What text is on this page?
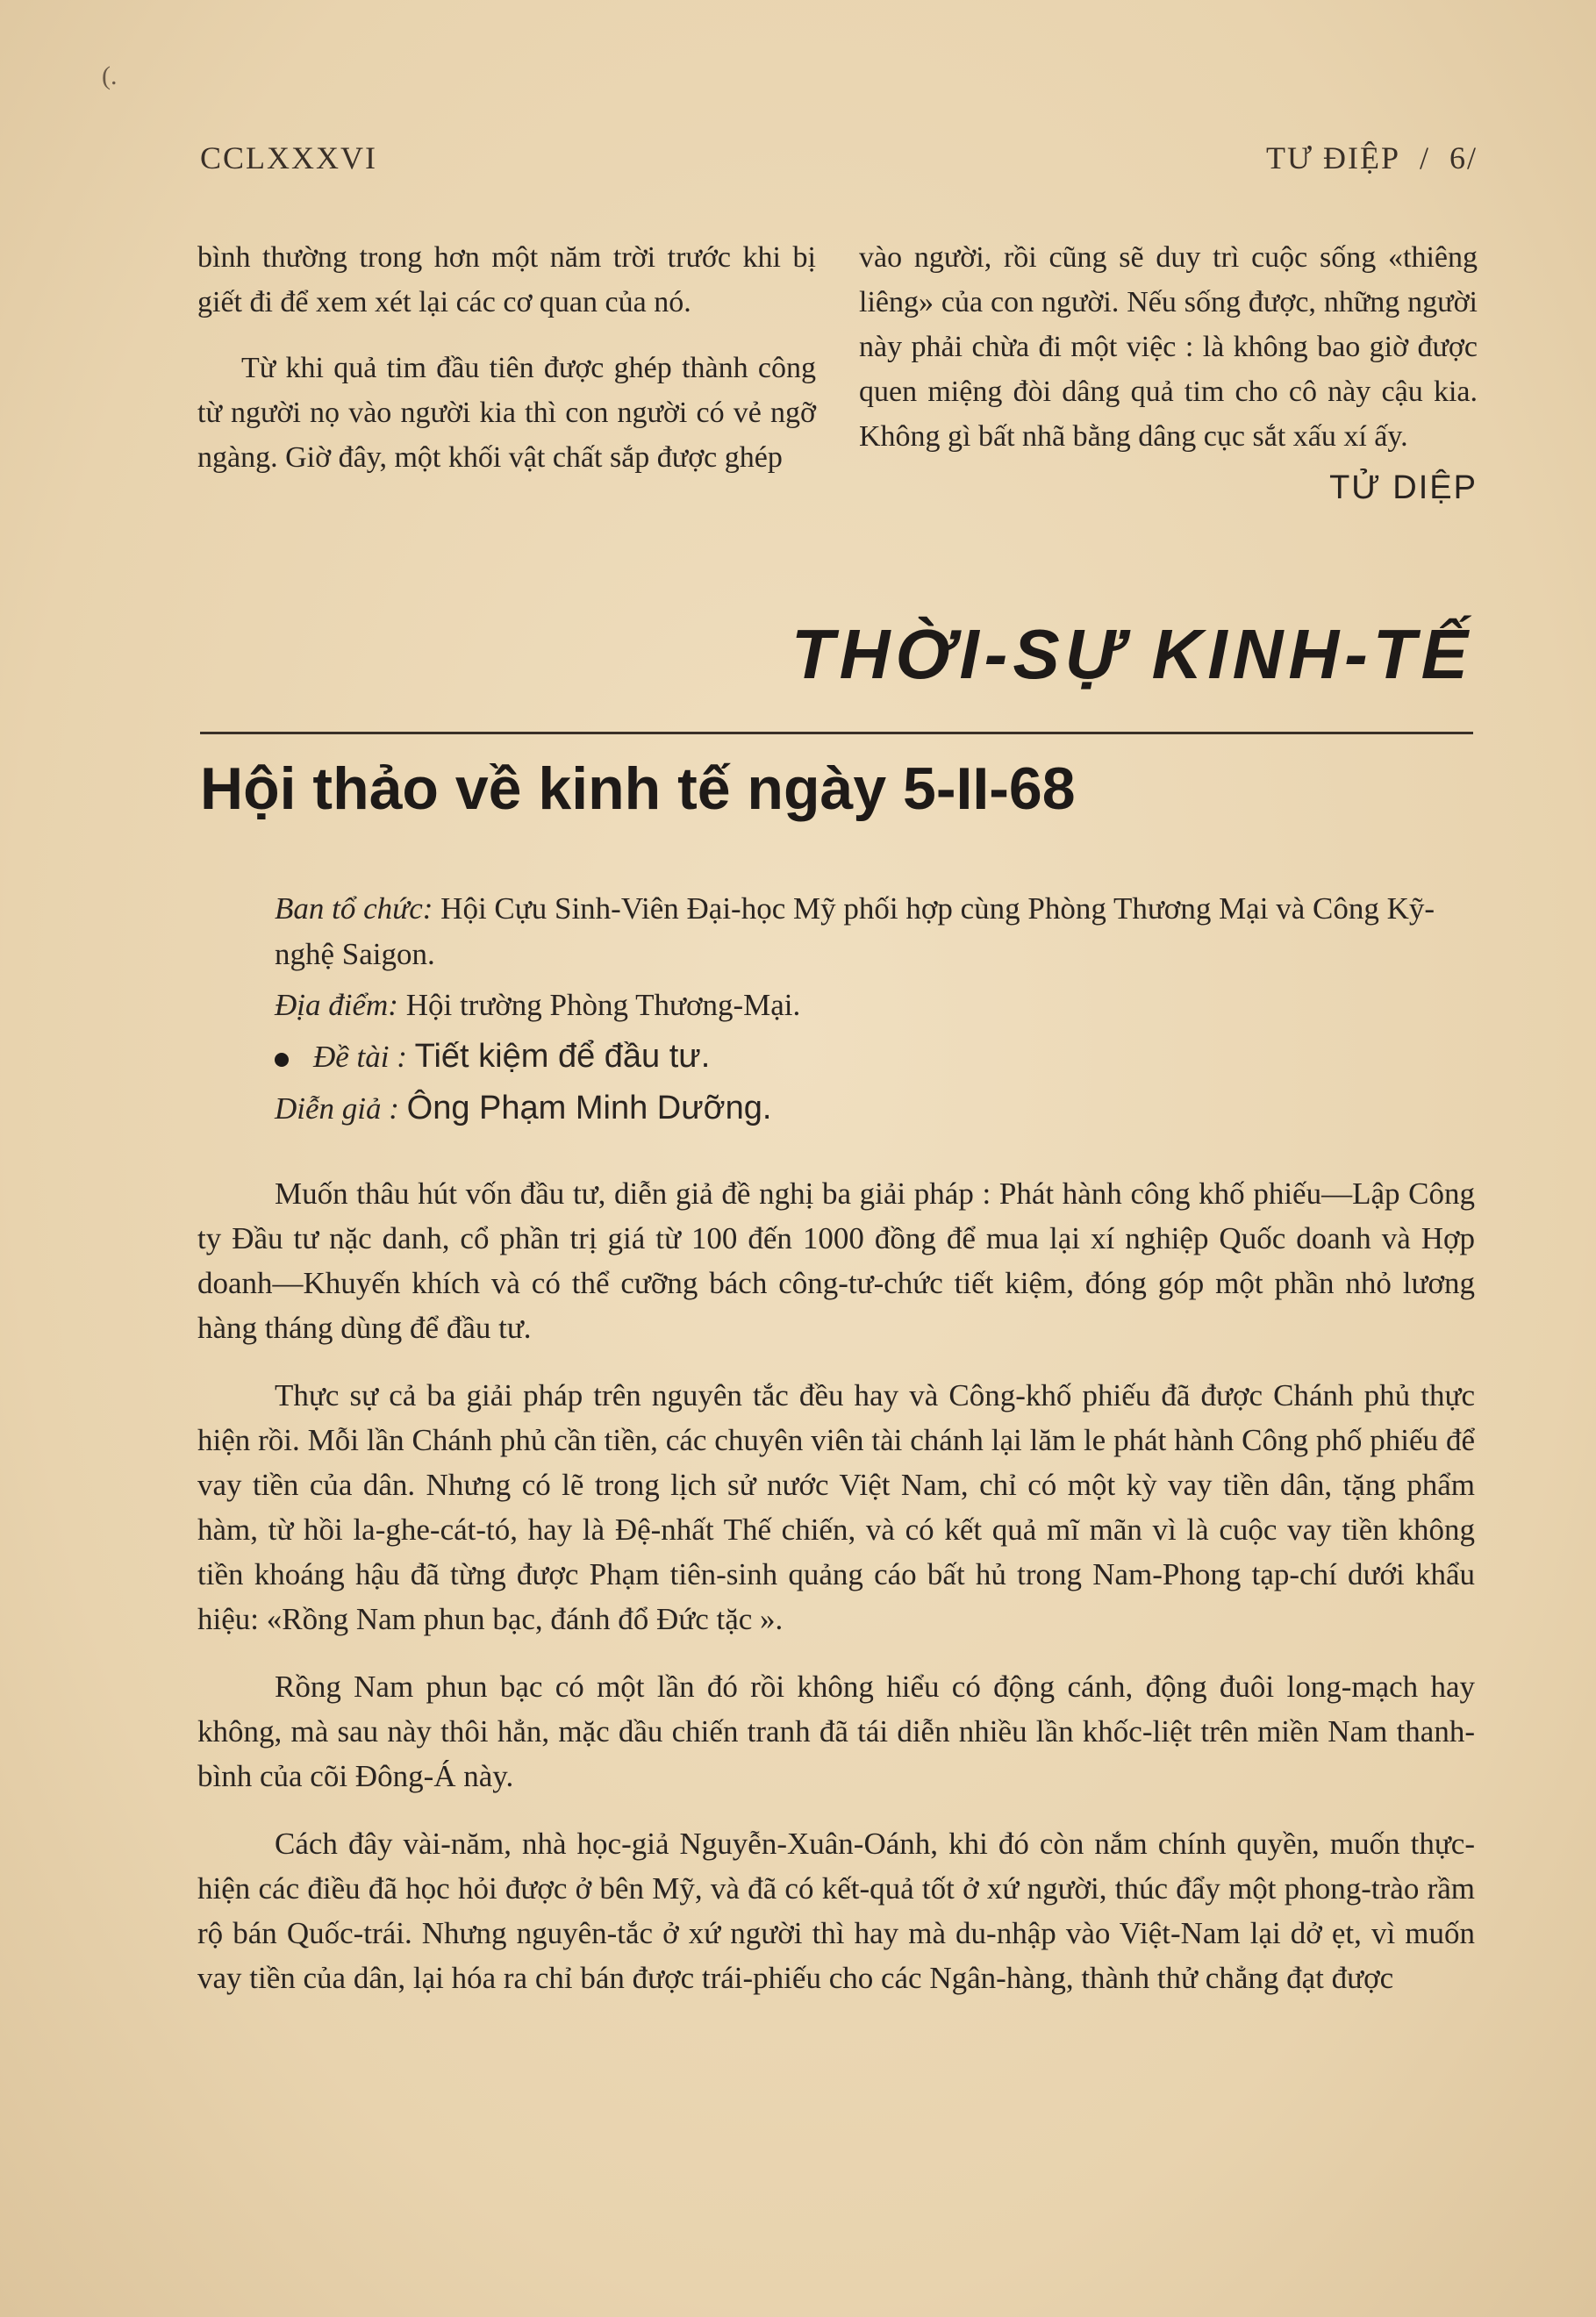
(.
CCLXXXVI	TƯ ĐIỆP / 6/

bình thường trong hơn một năm trời trước khi bị giết đi để xem xét lại các cơ quan của nó.

Từ khi quả tim đầu tiên được ghép thành công từ người nọ vào người kia thì con người có vẻ ngỡ ngàng. Giờ đây, một khối vật chất sắp được ghép

vào người, rồi cũng sẽ duy trì cuộc sống «thiêng liêng» của con người. Nếu sống được, những người này phải chừa đi một việc : là không bao giờ được quen miệng đòi dâng quả tim cho cô này cậu kia. Không gì bất nhã bằng dâng cục sắt xấu xí ấy.

TỬ DIỆP
THỜI-SỰ KINH-TẾ
Hội thảo về kinh tế ngày 5-II-68

Ban tổ chức: Hội Cựu Sinh-Viên Đại-học Mỹ phối hợp cùng Phòng Thương Mại và Công Kỹ-nghệ Saigon.

Địa điểm: Hội trường Phòng Thương-Mại.

Đề tài : Tiết kiệm để đầu tư.

Diễn giả : Ông Phạm Minh Dưỡng.

Muốn thâu hút vốn đầu tư, diễn giả đề nghị ba giải pháp : Phát hành công khố phiếu—Lập Công ty Đầu tư nặc danh, cổ phần trị giá từ 100 đến 1000 đồng để mua lại xí nghiệp Quốc doanh và Hợp doanh—Khuyến khích và có thể cưỡng bách công-tư-chức tiết kiệm, đóng góp một phần nhỏ lương hàng tháng dùng để đầu tư.

Thực sự cả ba giải pháp trên nguyên tắc đều hay và Công-khố phiếu đã được Chánh phủ thực hiện rồi. Mỗi lần Chánh phủ cần tiền, các chuyên viên tài chánh lại lăm le phát hành Công phố phiếu để vay tiền của dân. Nhưng có lẽ trong lịch sử nước Việt Nam, chỉ có một kỳ vay tiền dân, tặng phẩm hàm, từ hồi la-ghe-cát-tó, hay là Đệ-nhất Thế chiến, và có kết quả mĩ mãn vì là cuộc vay tiền không tiền khoáng hậu đã từng được Phạm tiên-sinh quảng cáo bất hủ trong Nam-Phong tạp-chí dưới khẩu hiệu: «Rồng Nam phun bạc, đánh đổ Đức tặc ».

Rồng Nam phun bạc có một lần đó rồi không hiểu có động cánh, động đuôi long-mạch hay không, mà sau này thôi hẳn, mặc dầu chiến tranh đã tái diễn nhiều lần khốc-liệt trên miền Nam thanh-bình của cõi Đông-Á này.

Cách đây vài-năm, nhà học-giả Nguyễn-Xuân-Oánh, khi đó còn nắm chính quyền, muốn thực-hiện các điều đã học hỏi được ở bên Mỹ, và đã có kết-quả tốt ở xứ người, thúc đẩy một phong-trào rầm rộ bán Quốc-trái. Nhưng nguyên-tắc ở xứ người thì hay mà du-nhập vào Việt-Nam lại dở ẹt, vì muốn vay tiền của dân, lại hóa ra chỉ bán được trái-phiếu cho các Ngân-hàng, thành thử chẳng đạt được
